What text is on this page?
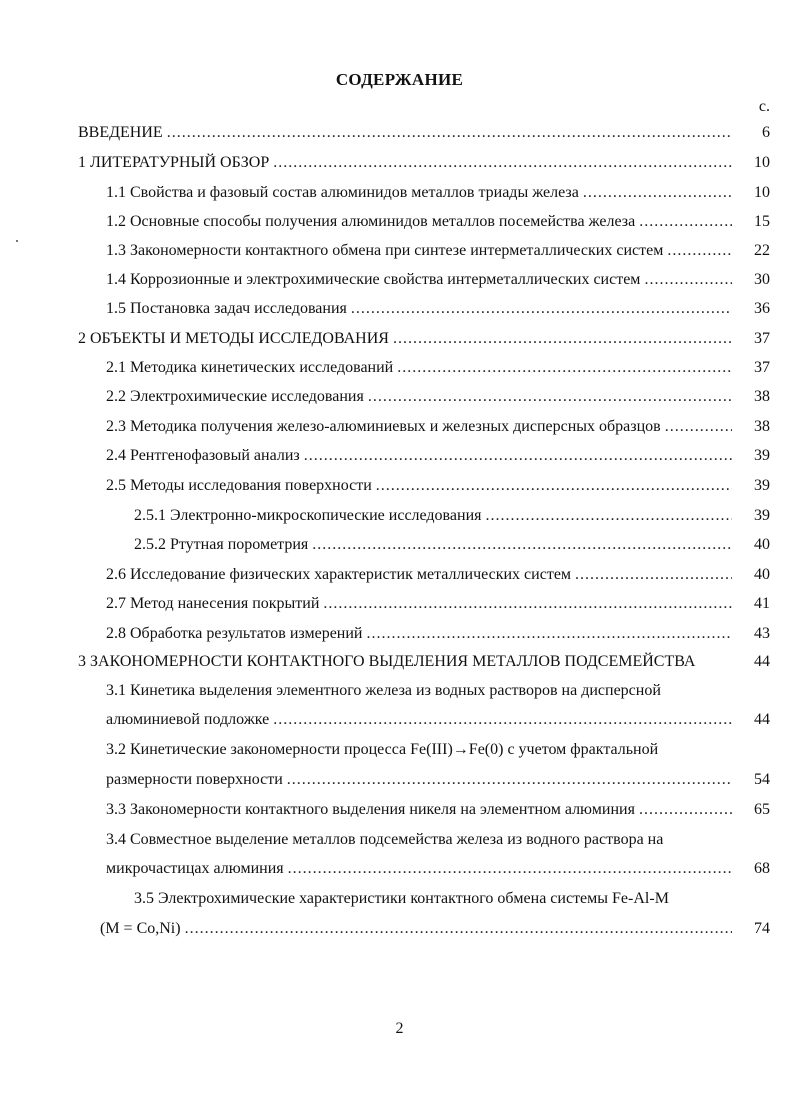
СОДЕРЖАНИЕ
с.
ВВЕДЕНИЕ .....	6
1 ЛИТЕРАТУРНЫЙ ОБЗОР .....	10
1.1 Свойства и фазовый состав алюминидов металлов триады железа .....	10
1.2 Основные способы получения алюминидов металлов посемейства железа .....	15
1.3 Закономерности контактного обмена при синтезе интерметаллических систем .....	22
1.4 Коррозионные и электрохимические свойства интерметаллических систем .....	30
1.5 Постановка задач исследования .....	36
2 ОБЪЕКТЫ И МЕТОДЫ ИССЛЕДОВАНИЯ .....	37
2.1 Методика кинетических исследований .....	37
2.2 Электрохимические исследования .....	38
2.3 Методика получения железо-алюминиевых и железных дисперсных образцов .....	38
2.4 Рентгенофазовый анализ .....	39
2.5 Методы исследования поверхности .....	39
2.5.1 Электронно-микроскопические исследования .....	39
2.5.2 Ртутная порометрия .....	40
2.6 Исследование физических характеристик металлических систем .....	40
2.7 Метод нанесения покрытий .....	41
2.8 Обработка результатов измерений .....	43
3 ЗАКОНОМЕРНОСТИ КОНТАКТНОГО ВЫДЕЛЕНИЯ МЕТАЛЛОВ ПОДСЕМЕЙСТВА	44
3.1 Кинетика выделения элементного железа из водных растворов на дисперсной
алюминиевой подложке .....	44
3.2 Кинетические закономерности процесса Fe(III)→Fe(0) с учетом фрактальной
размерности поверхности .....	54
3.3 Закономерности контактного выделения никеля на элементном алюминия .....	65
3.4 Совместное выделение металлов подсемейства железа из водного раствора на
микрочастицах алюминия .....	68
3.5 Электрохимические характеристики контактного обмена системы Fe-Al-M
(M = Co,Ni) .....	74
2
